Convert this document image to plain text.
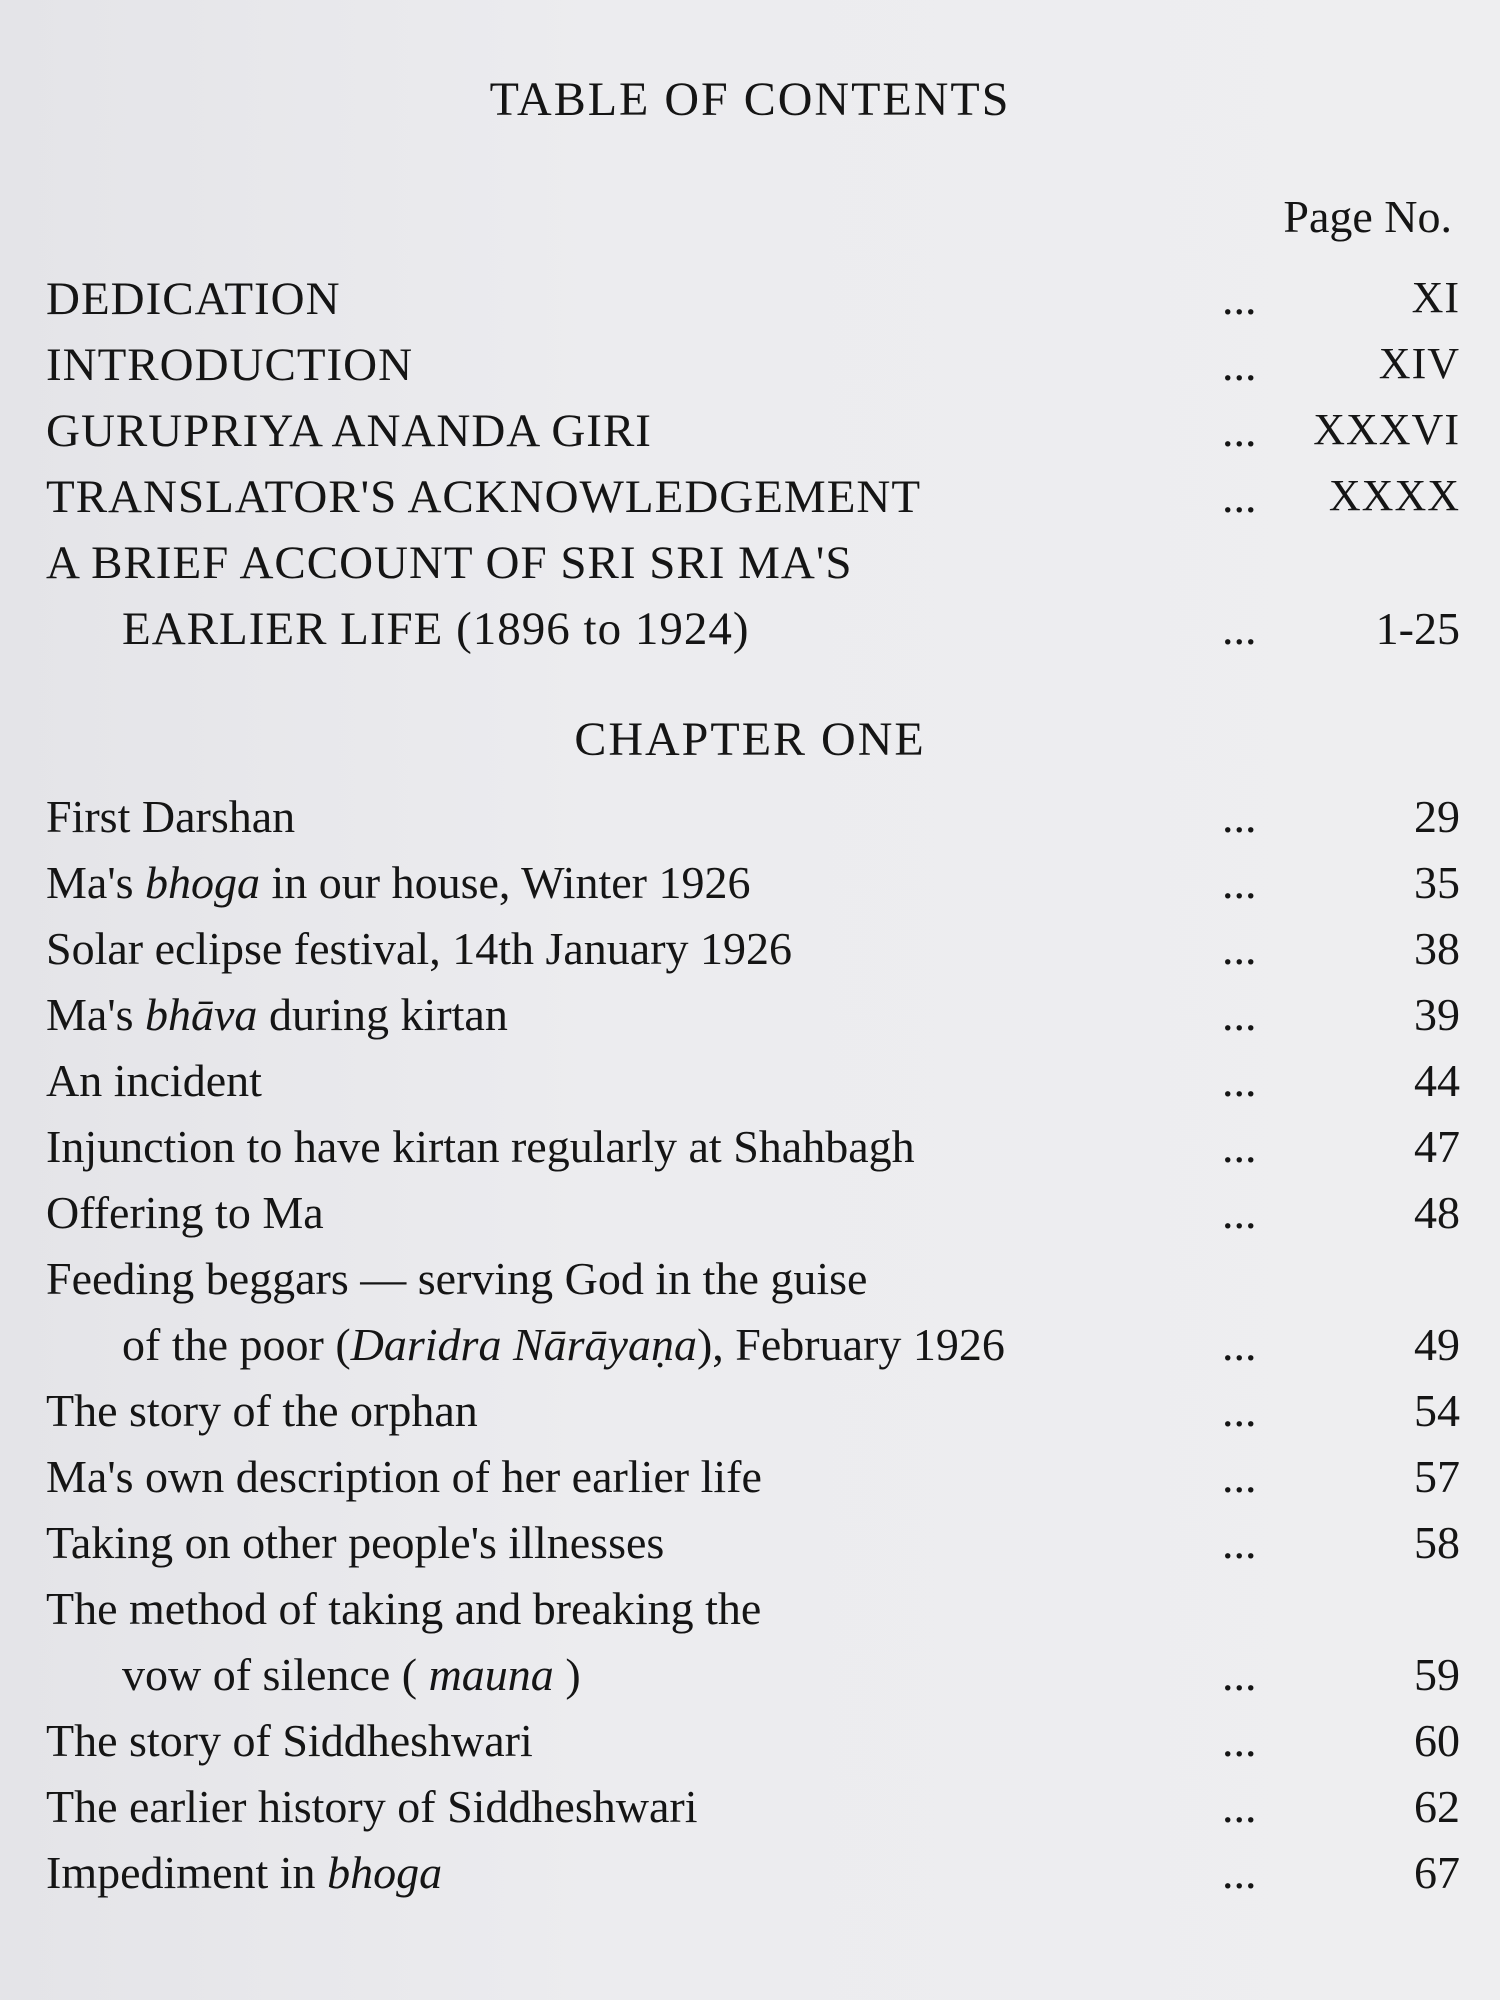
TABLE OF CONTENTS
Page No.
DEDICATION	...	XI
INTRODUCTION	...	XIV
GURUPRIYA ANANDA GIRI	... XXXVI
TRANSLATOR'S ACKNOWLEDGEMENT	... XXXX
A BRIEF ACCOUNT OF SRI SRI MA'S
EARLIER LIFE (1896 to 1924)	...	1-25
CHAPTER ONE
First Darshan	...	29
Ma's bhoga in our house, Winter 1926	...	35
Solar eclipse festival, 14th January 1926	...	38
Ma's bhāva during kirtan	...	39
An incident	...	44
Injunction to have kirtan regularly at Shahbagh	...	47
Offering to Ma	...	48
Feeding beggars — serving God in the guise
of the poor (Daridra Nārāyaṇa), February 1926	...	49
The story of the orphan	...	54
Ma's own description of her earlier life	...	57
Taking on other people's illnesses	...	58
The method of taking and breaking the
vow of silence ( mauna )	...	59
The story of Siddheshwari	...	60
The earlier history of Siddheshwari	...	62
Impediment in bhoga	...	67
